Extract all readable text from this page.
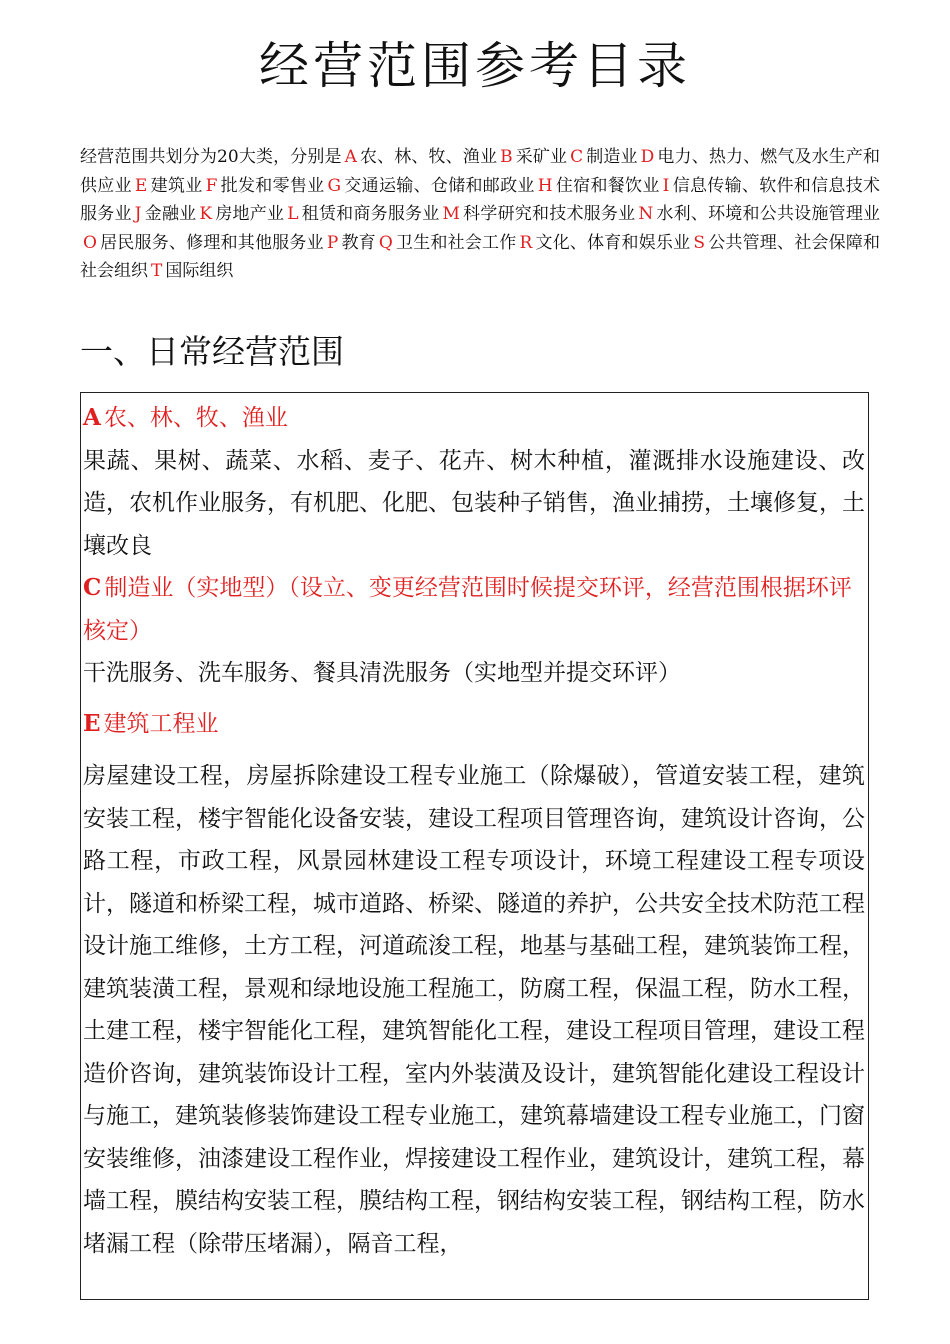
经营范围参考目录

经营范围共划分为20大类，分别是 A 农、林、牧、渔业 B 采矿业 C 制造业 D 电力、热力、燃气及水生产和供应业 E 建筑业 F 批发和零售业 G 交通运输、仓储和邮政业 H 住宿和餐饮业 I 信息传输、软件和信息技术服务业 J 金融业 K 房地产业 L 租赁和商务服务业 M 科学研究和技术服务业 N 水利、环境和公共设施管理业O 居民服务、修理和其他服务业 P 教育 Q 卫生和社会工作 R 文化、体育和娱乐业 S 公共管理、社会保障和社会组织 T 国际组织

一、日常经营范围

A 农、林、牧、渔业

果蔬、果树、蔬菜、水稻、麦子、花卉、树木种植，灌溉排水设施建设、改造，农机作业服务，有机肥、化肥、包装种子销售，渔业捕捞，土壤修复，土壤改良

C 制造业（实地型）（设立、变更经营范围时候提交环评，经营范围根据环评核定）

干洗服务、洗车服务、餐具清洗服务（实地型并提交环评）

E 建筑工程业

房屋建设工程，房屋拆除建设工程专业施工（除爆破），管道安装工程，建筑安装工程，楼宇智能化设备安装，建设工程项目管理咨询，建筑设计咨询，公路工程，市政工程，风景园林建设工程专项设计，环境工程建设工程专项设计，隧道和桥梁工程，城市道路、桥梁、隧道的养护，公共安全技术防范工程设计施工维修，土方工程，河道疏浚工程，地基与基础工程，建筑装饰工程，建筑装潢工程，景观和绿地设施工程施工，防腐工程，保温工程，防水工程，土建工程，楼宇智能化工程，建筑智能化工程，建设工程项目管理，建设工程造价咨询，建筑装饰设计工程，室内外装潢及设计，建筑智能化建设工程设计与施工，建筑装修装饰建设工程专业施工，建筑幕墙建设工程专业施工，门窗安装维修，油漆建设工程作业，焊接建设工程作业，建筑设计，建筑工程，幕墙工程，膜结构安装工程，膜结构工程，钢结构安装工程，钢结构工程，防水堵漏工程（除带压堵漏），隔音工程，
